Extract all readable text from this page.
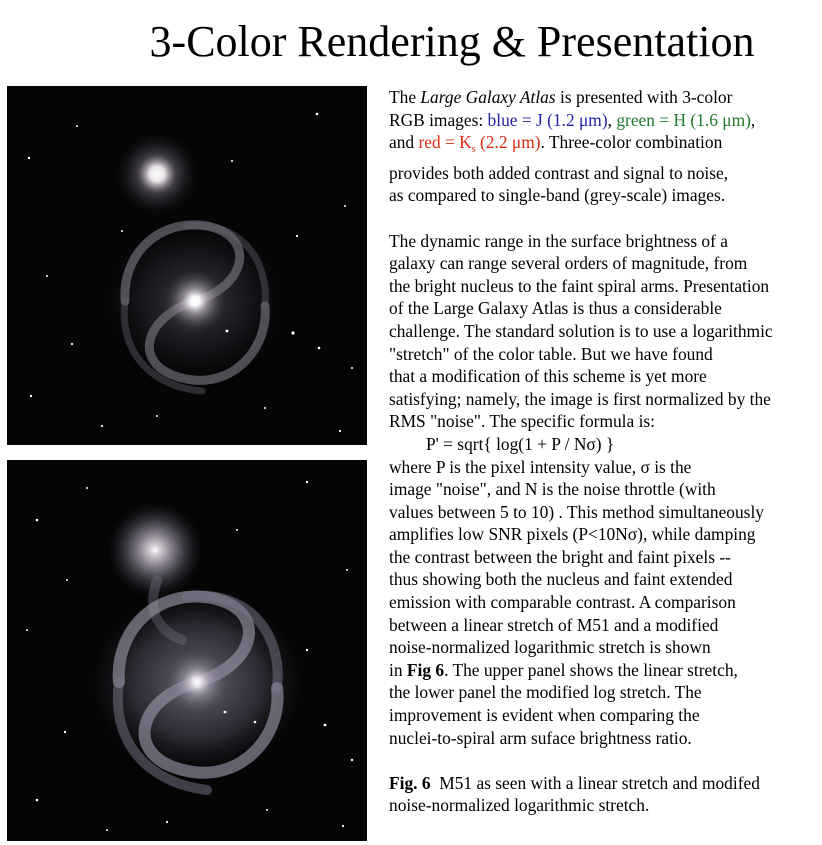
3-Color Rendering & Presentation

The Large Galaxy Atlas is presented with 3-color

RGB images: blue = J (1.2 μm), green = H (1.6 μm),

and red = $K_s$ (2.2 μm). Three-color combination

provides both added contrast and signal to noise,

as compared to single-band (grey-scale) images.

The dynamic range in the surface brightness of a

galaxy can range several orders of magnitude, from

the bright nucleus to the faint spiral arms. Presentation

of the Large Galaxy Atlas is thus a considerable

challenge. The standard solution is to use a logarithmic

"stretch" of the color table. But we have found

that a modification of this scheme is yet more

satisfying; namely, the image is first normalized by the

RMS "noise". The specific formula is:

P' = sqrt{ log(1 + P / Nσ) }

where P is the pixel intensity value, σ is the

image "noise", and N is the noise throttle (with

values between 5 to 10) . This method simultaneously

amplifies low SNR pixels (P<10Nσ), while damping

the contrast between the bright and faint pixels --

thus showing both the nucleus and faint extended

emission with comparable contrast. A comparison

between a linear stretch of M51 and a modified

noise-normalized logarithmic stretch is shown

in Fig 6. The upper panel shows the linear stretch,

the lower panel the modified log stretch. The

improvement is evident when comparing the

nuclei-to-spiral arm suface brightness ratio.

Fig. 6  M51 as seen with a linear stretch and modifed

noise-normalized logarithmic stretch.
